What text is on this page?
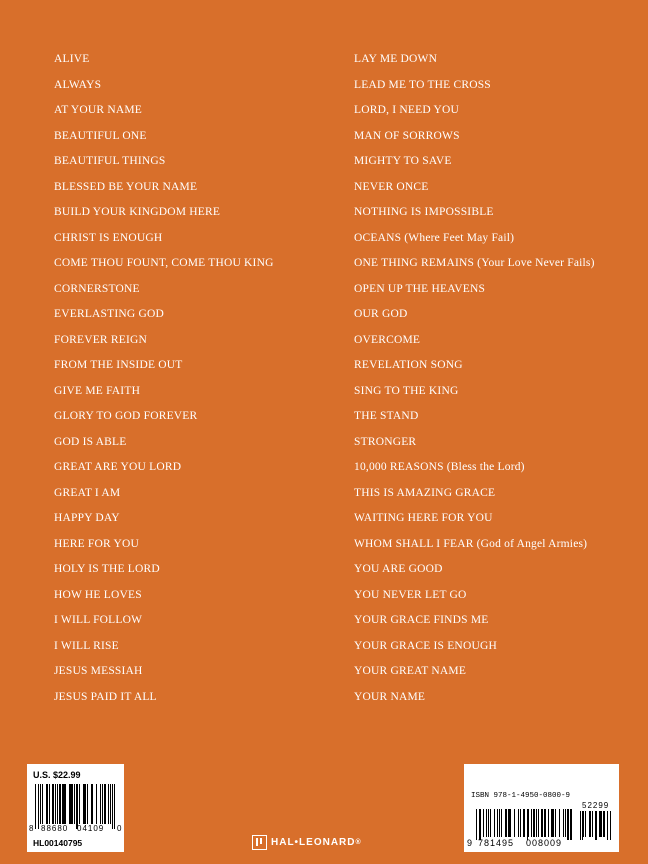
ALIVE
ALWAYS
AT YOUR NAME
BEAUTIFUL ONE
BEAUTIFUL THINGS
BLESSED BE YOUR NAME
BUILD YOUR KINGDOM HERE
CHRIST IS ENOUGH
COME THOU FOUNT, COME THOU KING
CORNERSTONE
EVERLASTING GOD
FOREVER REIGN
FROM THE INSIDE OUT
GIVE ME FAITH
GLORY TO GOD FOREVER
GOD IS ABLE
GREAT ARE YOU LORD
GREAT I AM
HAPPY DAY
HERE FOR YOU
HOLY IS THE LORD
HOW HE LOVES
I WILL FOLLOW
I WILL RISE
JESUS MESSIAH
JESUS PAID IT ALL
LAY ME DOWN
LEAD ME TO THE CROSS
LORD, I NEED YOU
MAN OF SORROWS
MIGHTY TO SAVE
NEVER ONCE
NOTHING IS IMPOSSIBLE
OCEANS (Where Feet May Fail)
ONE THING REMAINS (Your Love Never Fails)
OPEN UP THE HEAVENS
OUR GOD
OVERCOME
REVELATION SONG
SING TO THE KING
THE STAND
STRONGER
10,000 REASONS (Bless the Lord)
THIS IS AMAZING GRACE
WAITING HERE FOR YOU
WHOM SHALL I FEAR (God of Angel Armies)
YOU ARE GOOD
YOU NEVER LET GO
YOUR GRACE FINDS ME
YOUR GRACE IS ENOUGH
YOUR GREAT NAME
YOUR NAME
U.S. $22.99
8 88680 04109 0
HL00140795	HAL•LEONARD ®
ISBN 978-1-4950-0800-9
52299
9 781495 008009
